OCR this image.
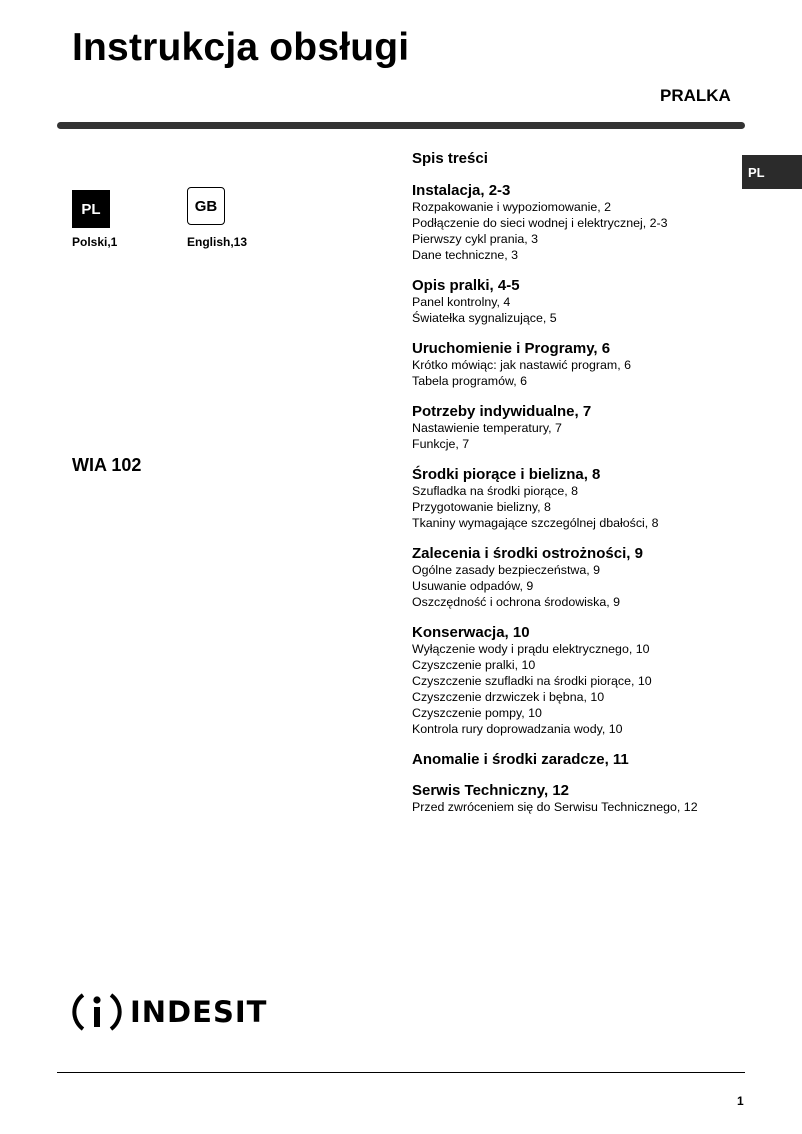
Instrukcja obsługi
PRALKA
PL
PL	GB
Polski,1	English,13
WIA 102
Spis treści
Instalacja, 2-3
Rozpakowanie i wypoziomowanie, 2
Podłączenie do sieci wodnej i elektrycznej, 2-3
Pierwszy cykl prania, 3
Dane techniczne, 3
Opis pralki, 4-5
Panel kontrolny, 4
Światełka sygnalizujące, 5
Uruchomienie i Programy, 6
Krótko mówiąc: jak nastawić program, 6
Tabela programów, 6
Potrzeby indywidualne, 7
Nastawienie temperatury, 7
Funkcje, 7
Środki piorące i bielizna, 8
Szufladka na środki piorące, 8
Przygotowanie bielizny, 8
Tkaniny wymagające szczególnej dbałości, 8
Zalecenia i środki ostrożności, 9
Ogólne zasady bezpieczeństwa, 9
Usuwanie odpadów, 9
Oszczędność i ochrona środowiska, 9
Konserwacja, 10
Wyłączenie wody i prądu elektrycznego, 10
Czyszczenie pralki, 10
Czyszczenie szufladki na środki piorące, 10
Czyszczenie drzwiczek i bębna, 10
Czyszczenie pompy, 10
Kontrola rury doprowadzania wody, 10
Anomalie i środki zaradcze, 11
Serwis Techniczny, 12
Przed zwróceniem się do Serwisu Technicznego, 12
INDESIT
1
